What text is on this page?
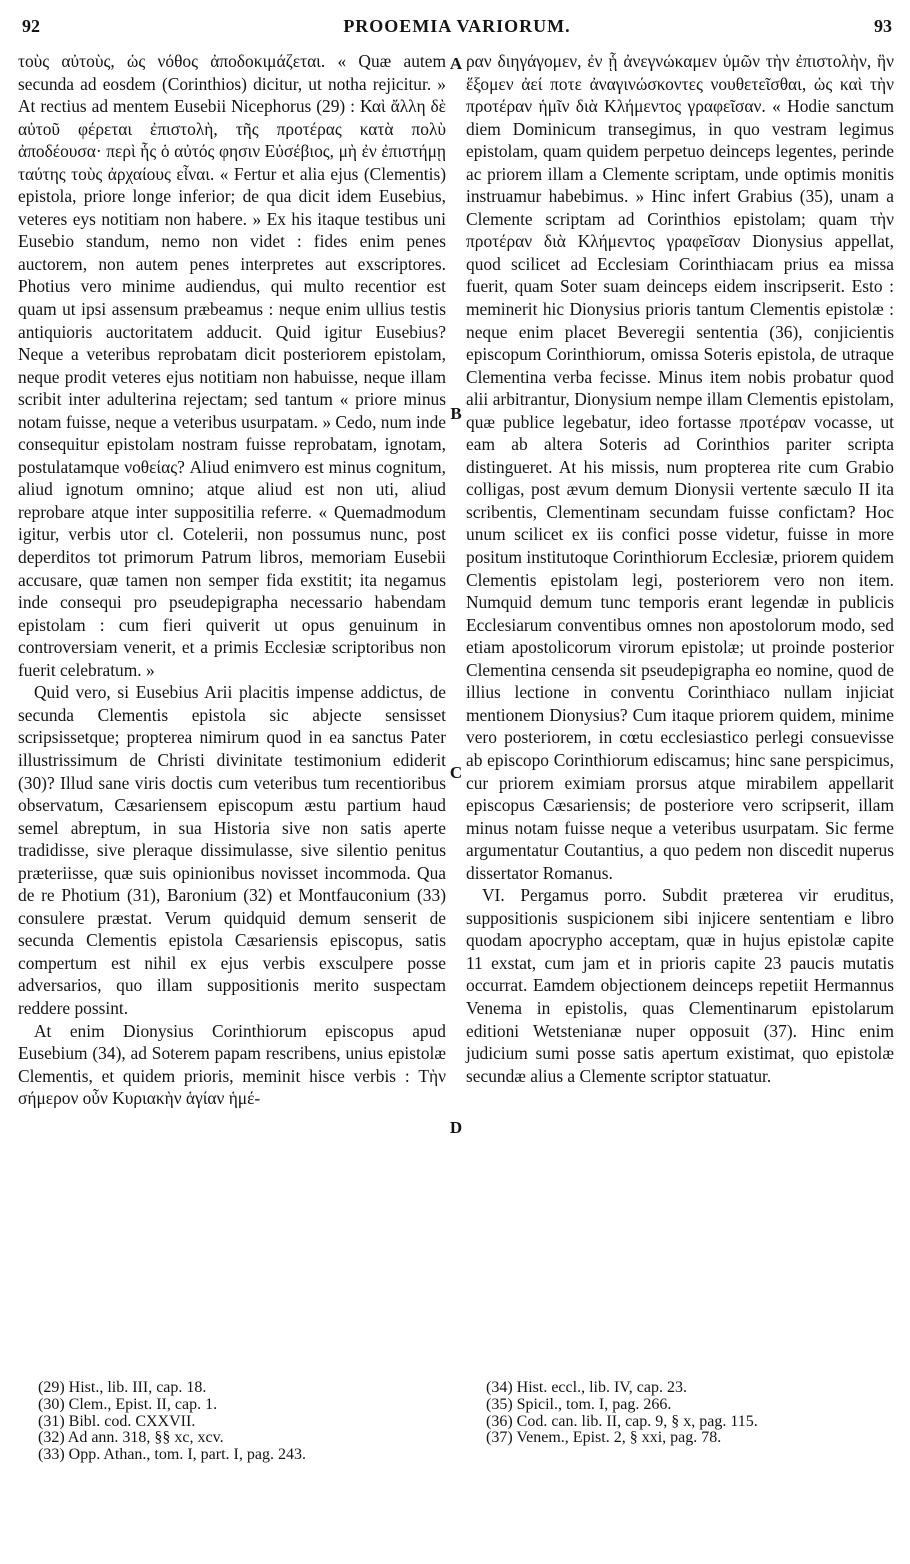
92	PROOEMIA VARIORUM.	93

τοὺς αὐτοὺς, ὡς νόθος ἀποδοκιμάζεται. « Quæ autem secunda ad eosdem (Corinthios) dicitur, ut notha rejicitur. » At rectius ad mentem Eusebii Nicephorus (29) : Καὶ ἄλλη δὲ αὐτοῦ φέρεται ἐπιστολὴ, τῆς προτέρας κατὰ πολὺ ἀποδέουσα· περὶ ἧς ὁ αὐτός φησιν Εὐσέβιος, μὴ ἐν ἐπιστήμῃ ταύτης τοὺς ἀρχαίους εἶναι. « Fertur et alia ejus (Clementis) epistola, priore longe inferior; de qua dicit idem Eusebius, veteres eys notitiam non habere. » Ex his itaque testibus uni Eusebio standum, nemo non videt : fides enim penes auctorem, non autem penes interpretes aut exscriptores. Photius vero minime audiendus, qui multo recentior est quam ut ipsi assensum præbeamus : neque enim ullius testis antiquioris auctoritatem adducit. Quid igitur Eusebius? Neque a veteribus reprobatam dicit posteriorem epistolam, neque prodit veteres ejus notitiam non habuisse, neque illam scribit inter adulterina rejectam; sed tantum « priore minus notam fuisse, neque a veteribus usurpatam. » Cedo, num inde consequitur epistolam nostram fuisse reprobatam, ignotam, postulatamque νοθείας? Aliud enimvero est minus cognitum, aliud ignotum omnino; atque aliud est non uti, aliud reprobare atque inter suppositilia referre. « Quemadmodum igitur, verbis utor cl. Cotelerii, non possumus nunc, post deperditos tot primorum Patrum libros, memoriam Eusebii accusare, quæ tamen non semper fida exstitit; ita negamus inde consequi pro pseudepigrapha necessario habendam epistolam : cum fieri quiverit ut opus genuinum in controversiam venerit, et a primis Ecclesiæ scriptoribus non fuerit celebratum. »

Quid vero, si Eusebius Arii placitis impense addictus, de secunda Clementis epistola sic abjecte sensisset scripsissetque; propterea nimirum quod in ea sanctus Pater illustrissimum de Christi divinitate testimonium ediderit (30)? Illud sane viris doctis cum veteribus tum recentioribus observatum, Cæsariensem episcopum æstu partium haud semel abreptum, in sua Historia sive non satis aperte tradidisse, sive pleraque dissimulasse, sive silentio penitus præteriisse, quæ suis opinionibus novisset incommoda. Qua de re Photium (31), Baronium (32) et Montfauconium (33) consulere præstat. Verum quidquid demum senserit de secunda Clementis epistola Cæsariensis episcopus, satis compertum est nihil ex ejus verbis exsculpere posse adversarios, quo illam suppositionis merito suspectam reddere possint.

At enim Dionysius Corinthiorum episcopus apud Eusebium (34), ad Soterem papam rescribens, unius epistolæ Clementis, et quidem prioris, meminit hisce verbis : Τὴν σήμερον οὖν Κυριακὴν ἁγίαν ἡμέ-

A
B
C
D

ραν διηγάγομεν, ἐν ᾗ ἀνεγνώκαμεν ὑμῶν τὴν ἐπιστολὴν, ἣν ἕξομεν ἀεί ποτε ἀναγινώσκοντες νουθετεῖσθαι, ὡς καὶ τὴν προτέραν ἡμῖν διὰ Κλήμεντος γραφεῖσαν. « Hodie sanctum diem Dominicum transegimus, in quo vestram legimus epistolam, quam quidem perpetuo deinceps legentes, perinde ac priorem illam a Clemente scriptam, unde optimis monitis instruamur habebimus. » Hinc infert Grabius (35), unam a Clemente scriptam ad Corinthios epistolam; quam τὴν προτέραν διὰ Κλήμεντος γραφεῖσαν Dionysius appellat, quod scilicet ad Ecclesiam Corinthiacam prius ea missa fuerit, quam Soter suam deinceps eidem inscripserit. Esto : meminerit hic Dionysius prioris tantum Clementis epistolæ : neque enim placet Beveregii sententia (36), conjicientis episcopum Corinthiorum, omissa Soteris epistola, de utraque Clementina verba fecisse. Minus item nobis probatur quod alii arbitrantur, Dionysium nempe illam Clementis epistolam, quæ publice legebatur, ideo fortasse προτέραν vocasse, ut eam ab altera Soteris ad Corinthios pariter scripta distingueret. At his missis, num propterea rite cum Grabio colligas, post ævum demum Dionysii vertente sæculo II ita scribentis, Clementinam secundam fuisse confictam? Hoc unum scilicet ex iis confici posse videtur, fuisse in more positum institutoque Corinthiorum Ecclesiæ, priorem quidem Clementis epistolam legi, posteriorem vero non item. Numquid demum tunc temporis erant legendæ in publicis Ecclesiarum conventibus omnes non apostolorum modo, sed etiam apostolicorum virorum epistolæ; ut proinde posterior Clementina censenda sit pseudepigrapha eo nomine, quod de illius lectione in conventu Corinthiaco nullam injiciat mentionem Dionysius? Cum itaque priorem quidem, minime vero posteriorem, in cœtu ecclesiastico perlegi consuevisse ab episcopo Corinthiorum ediscamus; hinc sane perspicimus, cur priorem eximiam prorsus atque mirabilem appellarit episcopus Cæsariensis; de posteriore vero scripserit, illam minus notam fuisse neque a veteribus usurpatam. Sic ferme argumentatur Coutantius, a quo pedem non discedit nuperus dissertator Romanus.

VI. Pergamus porro. Subdit præterea vir eruditus, suppositionis suspicionem sibi injicere sententiam e libro quodam apocrypho acceptam, quæ in hujus epistolæ capite 11 exstat, cum jam et in prioris capite 23 paucis mutatis occurrat. Eamdem objectionem deinceps repetiit Hermannus Venema in epistolis, quas Clementinarum epistolarum editioni Wetstenianæ nuper opposuit (37). Hinc enim judicium sumi posse satis apertum existimat, quo epistolæ secundæ alius a Clemente scriptor statuatur.

(29) Hist., lib. III, cap. 18.
(30) Clem., Epist. II, cap. 1.
(31) Bibl. cod. CXXVII.
(32) Ad ann. 318, §§ xc, xcv.
(33) Opp. Athan., tom. I, part. I, pag. 243.
(34) Hist. eccl., lib. IV, cap. 23.
(35) Spicil., tom. I, pag. 266.
(36) Cod. can. lib. II, cap. 9, § x, pag. 115.
(37) Venem., Epist. 2, § xxi, pag. 78.
